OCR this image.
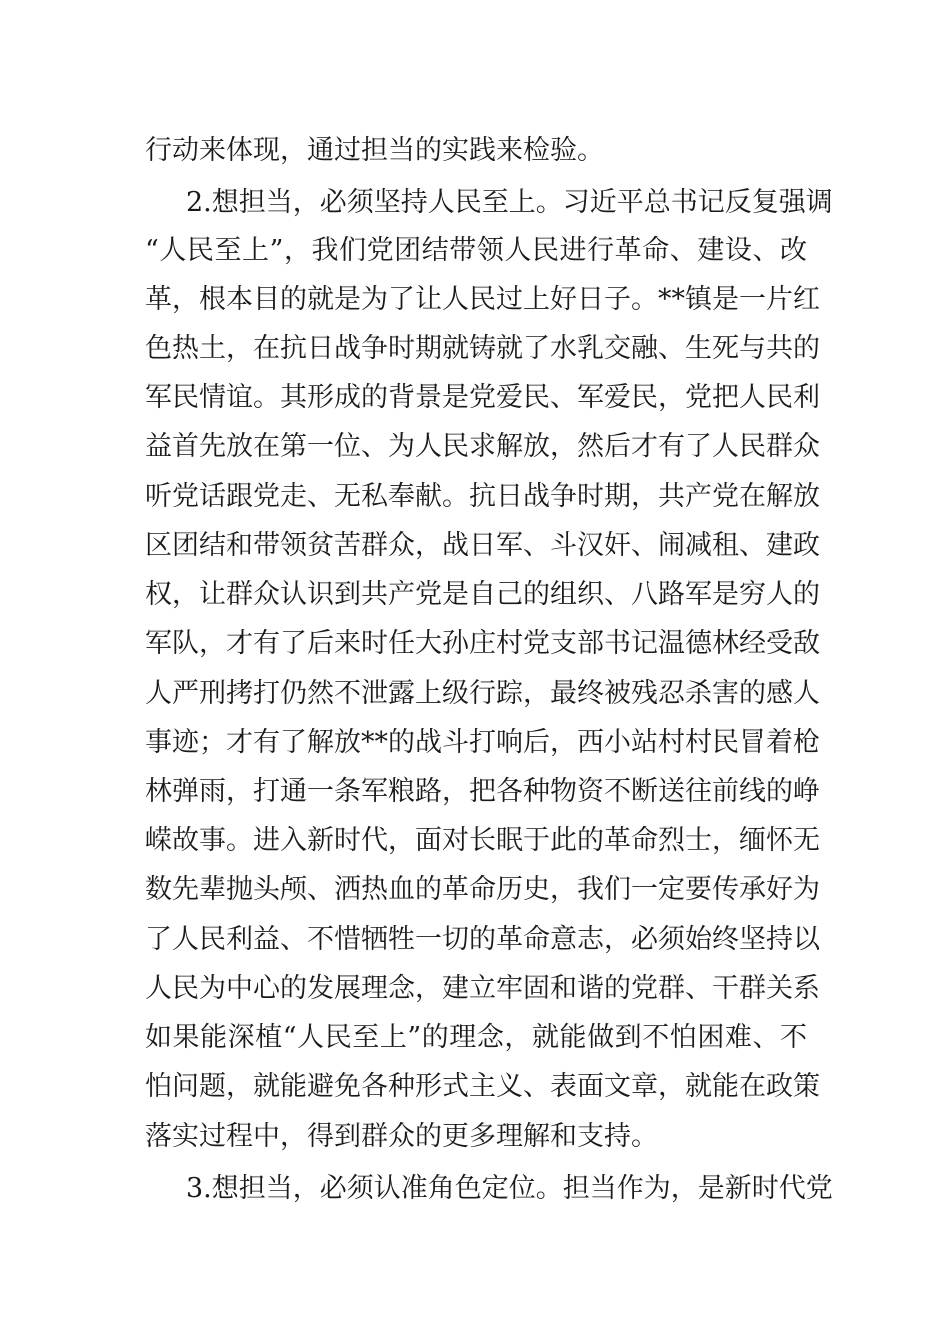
行动来体现，通过担当的实践来检验。
2.想担当，必须坚持人民至上。习近平总书记反复强调
“人民至上”，我们党团结带领人民进行革命、建设、改
革，根本目的就是为了让人民过上好日子。**镇是一片红
色热土，在抗日战争时期就铸就了水乳交融、生死与共的
军民情谊。其形成的背景是党爱民、军爱民，党把人民利
益首先放在第一位、为人民求解放，然后才有了人民群众
听党话跟党走、无私奉献。抗日战争时期，共产党在解放
区团结和带领贫苦群众，战日军、斗汉奸、闹减租、建政
权，让群众认识到共产党是自己的组织、八路军是穷人的
军队，才有了后来时任大孙庄村党支部书记温德林经受敌
人严刑拷打仍然不泄露上级行踪，最终被残忍杀害的感人
事迹；才有了解放**的战斗打响后，西小站村村民冒着枪
林弹雨，打通一条军粮路，把各种物资不断送往前线的峥
嵘故事。进入新时代，面对长眠于此的革命烈士，缅怀无
数先辈抛头颅、洒热血的革命历史，我们一定要传承好为
了人民利益、不惜牺牲一切的革命意志，必须始终坚持以
人民为中心的发展理念，建立牢固和谐的党群、干群关系
如果能深植“人民至上”的理念，就能做到不怕困难、不
怕问题，就能避免各种形式主义、表面文章，就能在政策
落实过程中，得到群众的更多理解和支持。
3.想担当，必须认准角色定位。担当作为，是新时代党
